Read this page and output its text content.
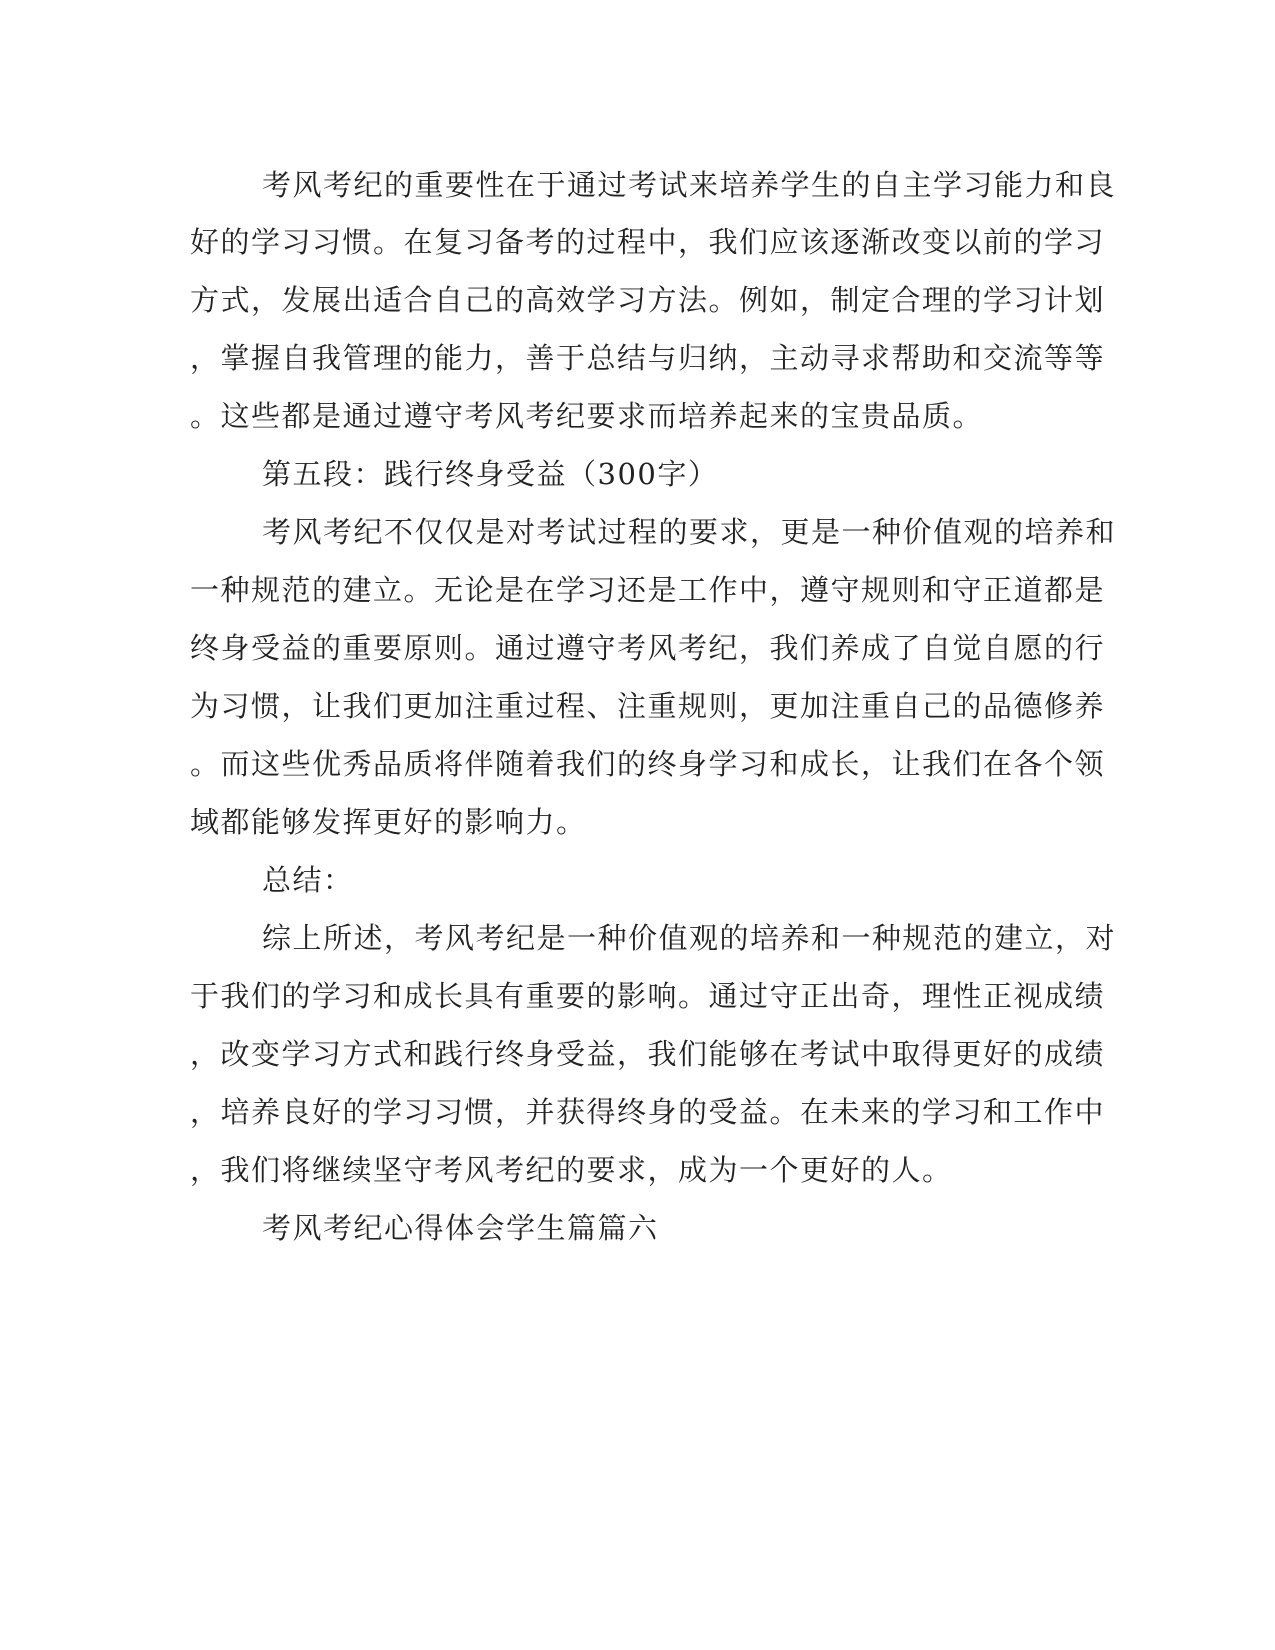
考风考纪的重要性在于通过考试来培养学生的自主学习能力和良
好的学习习惯。在复习备考的过程中，我们应该逐渐改变以前的学习
方式，发展出适合自己的高效学习方法。例如，制定合理的学习计划
，掌握自我管理的能力，善于总结与归纳，主动寻求帮助和交流等等
。这些都是通过遵守考风考纪要求而培养起来的宝贵品质。
第五段：践行终身受益（300字）
考风考纪不仅仅是对考试过程的要求，更是一种价值观的培养和
一种规范的建立。无论是在学习还是工作中，遵守规则和守正道都是
终身受益的重要原则。通过遵守考风考纪，我们养成了自觉自愿的行
为习惯，让我们更加注重过程、注重规则，更加注重自己的品德修养
。而这些优秀品质将伴随着我们的终身学习和成长，让我们在各个领
域都能够发挥更好的影响力。
总结：
综上所述，考风考纪是一种价值观的培养和一种规范的建立，对
于我们的学习和成长具有重要的影响。通过守正出奇，理性正视成绩
，改变学习方式和践行终身受益，我们能够在考试中取得更好的成绩
，培养良好的学习习惯，并获得终身的受益。在未来的学习和工作中
，我们将继续坚守考风考纪的要求，成为一个更好的人。
考风考纪心得体会学生篇篇六
